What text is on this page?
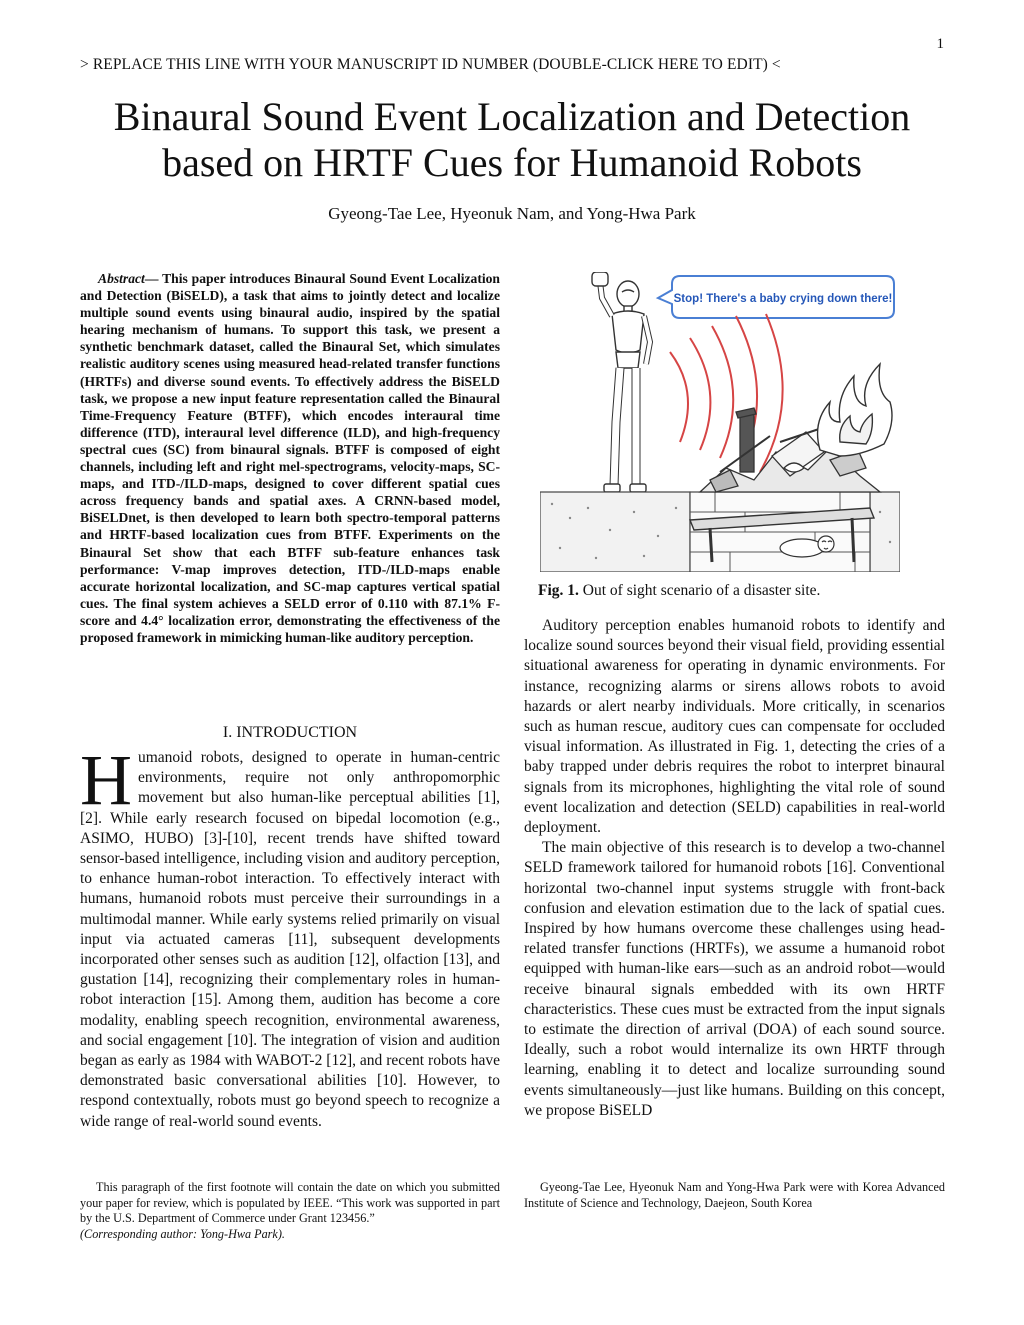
1
> REPLACE THIS LINE WITH YOUR MANUSCRIPT ID NUMBER (DOUBLE-CLICK HERE TO EDIT) <
Binaural Sound Event Localization and Detection
based on HRTF Cues for Humanoid Robots
Gyeong-Tae Lee, Hyeonuk Nam, and Yong-Hwa Park

Abstract— This paper introduces Binaural Sound Event Localization and Detection (BiSELD), a task that aims to jointly detect and localize multiple sound events using binaural audio, inspired by the spatial hearing mechanism of humans. To support this task, we present a synthetic benchmark dataset, called the Binaural Set, which simulates realistic auditory scenes using measured head-related transfer functions (HRTFs) and diverse sound events. To effectively address the BiSELD task, we propose a new input feature representation called the Binaural Time-Frequency Feature (BTFF), which encodes interaural time difference (ITD), interaural level difference (ILD), and high-frequency spectral cues (SC) from binaural signals. BTFF is composed of eight channels, including left and right mel-spectrograms, velocity-maps, SC-maps, and ITD-/ILD-maps, designed to cover different spatial cues across frequency bands and spatial axes. A CRNN-based model, BiSELDnet, is then developed to learn both spectro-temporal patterns and HRTF-based localization cues from BTFF. Experiments on the Binaural Set show that each BTFF sub-feature enhances task performance: V-map improves detection, ITD-/ILD-maps enable accurate horizontal localization, and SC-map captures vertical spatial cues. The final system achieves a SELD error of 0.110 with 87.1% F-score and 4.4° localization error, demonstrating the effectiveness of the proposed framework in mimicking human-like auditory perception.

I. INTRODUCTION

Humanoid robots, designed to operate in human-centric environments, require not only anthropomorphic movement but also human-like perceptual abilities [1], [2]. While early research focused on bipedal locomotion (e.g., ASIMO, HUBO) [3]-[10], recent trends have shifted toward sensor-based intelligence, including vision and auditory perception, to enhance human-robot interaction. To effectively interact with humans, humanoid robots must perceive their surroundings in a multimodal manner. While early systems relied primarily on visual input via actuated cameras [11], subsequent developments incorporated other senses such as audition [12], olfaction [13], and gustation [14], recognizing their complementary roles in human-robot interaction [15]. Among them, audition has become a core modality, enabling speech recognition, environmental awareness, and social engagement [10]. The integration of vision and audition began as early as 1984 with WABOT-2 [12], and recent robots have demonstrated basic conversational abilities [10]. However, to respond contextually, robots must go beyond speech to recognize a wide range of real-world sound events.

Stop! There's a baby crying down there!
Fig. 1. Out of sight scenario of a disaster site.

Auditory perception enables humanoid robots to identify and localize sound sources beyond their visual field, providing essential situational awareness for operating in dynamic environments. For instance, recognizing alarms or sirens allows robots to avoid hazards or alert nearby individuals. More critically, in scenarios such as human rescue, auditory cues can compensate for occluded visual information. As illustrated in Fig. 1, detecting the cries of a baby trapped under debris requires the robot to interpret binaural signals from its microphones, highlighting the vital role of sound event localization and detection (SELD) capabilities in real-world deployment.

The main objective of this research is to develop a two-channel SELD framework tailored for humanoid robots [16]. Conventional horizontal two-channel input systems struggle with front-back confusion and elevation estimation due to the lack of spatial cues. Inspired by how humans overcome these challenges using head-related transfer functions (HRTFs), we assume a humanoid robot equipped with human-like ears—such as an android robot—would receive binaural signals embedded with its own HRTF characteristics. These cues must be extracted from the input signals to estimate the direction of arrival (DOA) of each sound source. Ideally, such a robot would internalize its own HRTF through learning, enabling it to detect and localize surrounding sound events simultaneously—just like humans. Building on this concept, we propose BiSELD

This paragraph of the first footnote will contain the date on which you submitted your paper for review, which is populated by IEEE. “This work was supported in part by the U.S. Department of Commerce under Grant 123456.”
(Corresponding author: Yong-Hwa Park).

Gyeong-Tae Lee, Hyeonuk Nam and Yong-Hwa Park were with Korea Advanced Institute of Science and Technology, Daejeon, South Korea
